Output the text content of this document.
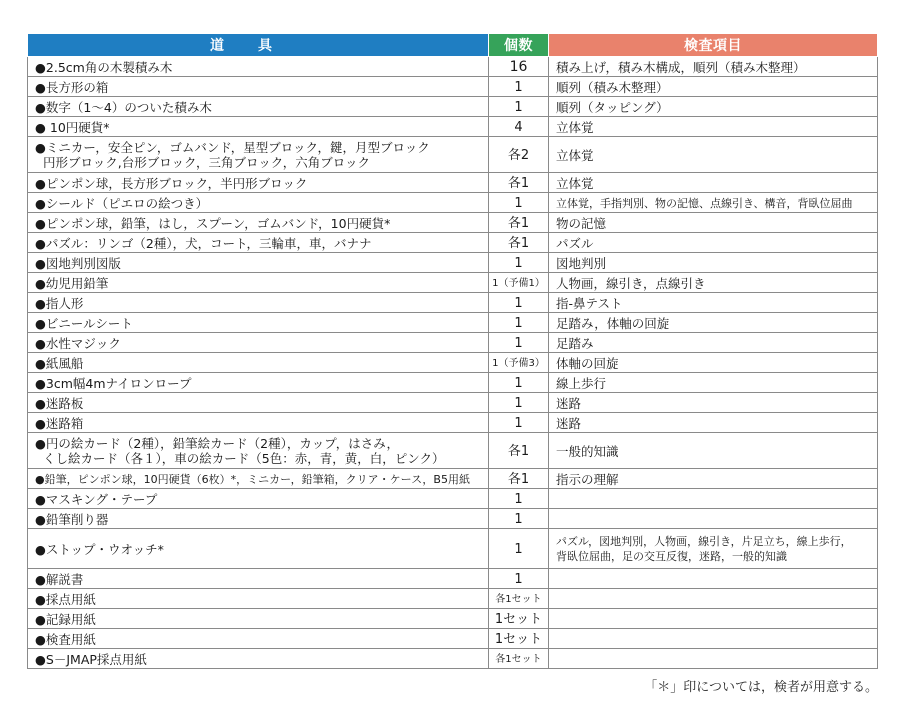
道具	個数	検査項目

●2.5cm角の木製積み木	16	積み上げ，積み木構成，順列（積み木整理）

●長方形の箱	1	順列（積み木整理）

●数字（1～4）のついた積み木	1	順列（タッピング）

● 10円硬貨*	4	立体覚

●ミニカー，安全ピン，ゴムバンド，星型ブロック，鍵，月型ブロック
円形ブロック,台形ブロック，三角ブロック，六角ブロック	各2	立体覚

●ピンポン球，長方形ブロック，半円形ブロック	各1	立体覚

●シールド（ピエロの絵つき）	1	立体覚，手指判別、物の記憶、点線引き、構音，背臥位屈曲

●ピンポン球，鉛筆，はし，スプーン，ゴムバンド，10円硬貨*	各1	物の記憶

●パズル：リンゴ（2種），犬，コート，三輪車，車，バナナ	各1	パズル

●図地判別図版	1	図地判別

●幼児用鉛筆	1（予備1）	人物画，線引き，点線引き

●指人形	1	指-鼻テスト

●ビニールシート	1	足踏み，体軸の回旋

●水性マジック	1	足踏み

●紙風船	1（予備3）	体軸の回旋

●3cm幅4mナイロンロープ	1	線上歩行

●迷路板	1	迷路

●迷路箱	1	迷路

●円の絵カード（2種），鉛筆絵カード（2種），カップ，はさみ，
くし絵カード（各１），車の絵カード（5色：赤，青，黄，白，ピンク）	各1	一般的知識

●鉛筆，ピンポン球，10円硬貨（6枚）*，ミニカー，鉛筆箱，クリア・ケース，B5用紙	各1	指示の理解

●マスキング・テープ	1	

●鉛筆削り器	1	

●ストップ・ウオッチ*	1	パズル，図地判別，人物画，線引き，片足立ち，線上歩行，
背臥位屈曲，足の交互反復，迷路，一般的知識

●解説書	1	

●採点用紙	各1セット	

●記録用紙	1セット	

●検査用紙	1セット	

●S－JMAP採点用紙	各1セット	
「＊」印については，検者が用意する。
